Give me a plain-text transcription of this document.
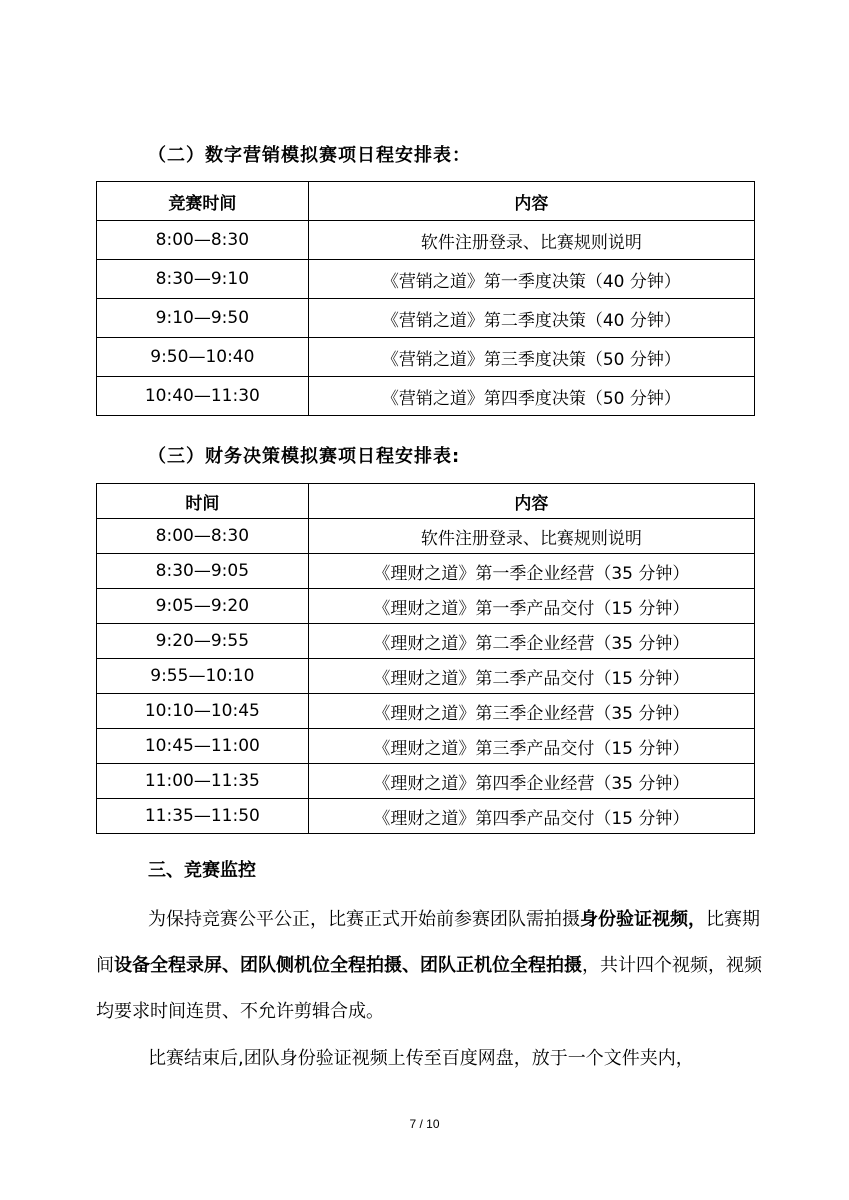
（二）数字营销模拟赛项日程安排表：
竞赛时间	内容
8:00—8:30	软件注册登录、比赛规则说明
8:30—9:10	《营销之道》第一季度决策（40 分钟）
9:10—9:50	《营销之道》第二季度决策（40 分钟）
9:50—10:40	《营销之道》第三季度决策（50 分钟）
10:40—11:30	《营销之道》第四季度决策（50 分钟）
（三）财务决策模拟赛项日程安排表:
时间	内容
8:00—8:30	软件注册登录、比赛规则说明
8:30—9:05	《理财之道》第一季企业经营（35 分钟）
9:05—9:20	《理财之道》第一季产品交付（15 分钟）
9:20—9:55	《理财之道》第二季企业经营（35 分钟）
9:55—10:10	《理财之道》第二季产品交付（15 分钟）
10:10—10:45	《理财之道》第三季企业经营（35 分钟）
10:45—11:00	《理财之道》第三季产品交付（15 分钟）
11:00—11:35	《理财之道》第四季企业经营（35 分钟）
11:35—11:50	《理财之道》第四季产品交付（15 分钟）
三、竞赛监控
为保持竞赛公平公正，比赛正式开始前参赛团队需拍摄身份验证视频，比赛期间设备全程录屏、团队侧机位全程拍摄、团队正机位全程拍摄，共计四个视频，视频均要求时间连贯、不允许剪辑合成。
比赛结束后,团队身份验证视频上传至百度网盘，放于一个文件夹内，
7 / 10
